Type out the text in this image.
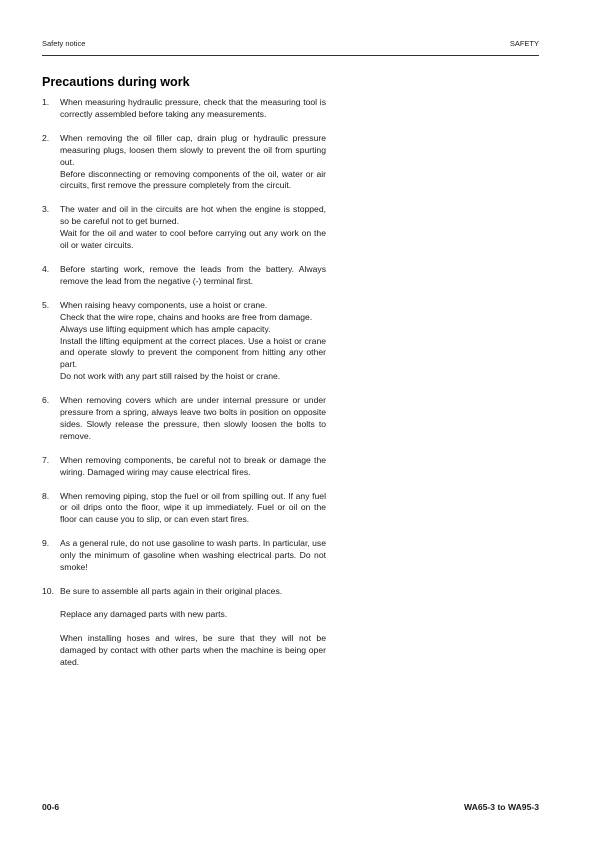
Safety notice	SAFETY
Precautions during work
1.	When measuring hydraulic pressure, check that the measuring tool is correctly assembled before taking any measurements.
2.	When removing the oil filler cap, drain plug or hydraulic pressure measuring plugs, loosen them slowly to prevent the oil from spurting out.
Before disconnecting or removing components of the oil, water or air circuits, first remove the pressure completely from the circuit.
3.	The water and oil in the circuits are hot when the engine is stopped, so be careful not to get burned.
Wait for the oil and water to cool before carrying out any work on the oil or water circuits.
4.	Before starting work, remove the leads from the battery. Always remove the lead from the negative (-) terminal first.
5.	When raising heavy components, use a hoist or crane.
Check that the wire rope, chains and hooks are free from damage.
Always use lifting equipment which has ample capacity.
Install the lifting equipment at the correct places. Use a hoist or crane and operate slowly to prevent the component from hitting any other part.
Do not work with any part still raised by the hoist or crane.
6.	When removing covers which are under internal pressure or under pressure from a spring, always leave two bolts in position on opposite sides. Slowly release the pressure, then slowly loosen the bolts to remove.
7.	When removing components, be careful not to break or damage the wiring. Damaged wiring may cause electrical fires.
8.	When removing piping, stop the fuel or oil from spilling out. If any fuel or oil drips onto the floor, wipe it up immediately. Fuel or oil on the floor can cause you to slip, or can even start fires.
9.	As a general rule, do not use gasoline to wash parts. In particular, use only the minimum of gasoline when washing electrical parts. Do not smoke!
10. Be sure to assemble all parts again in their original places.
Replace any damaged parts with new parts.
When installing hoses and wires, be sure that they will not be damaged by contact with other parts when the machine is being oper ated.
00-6	WA65-3 to WA95-3
